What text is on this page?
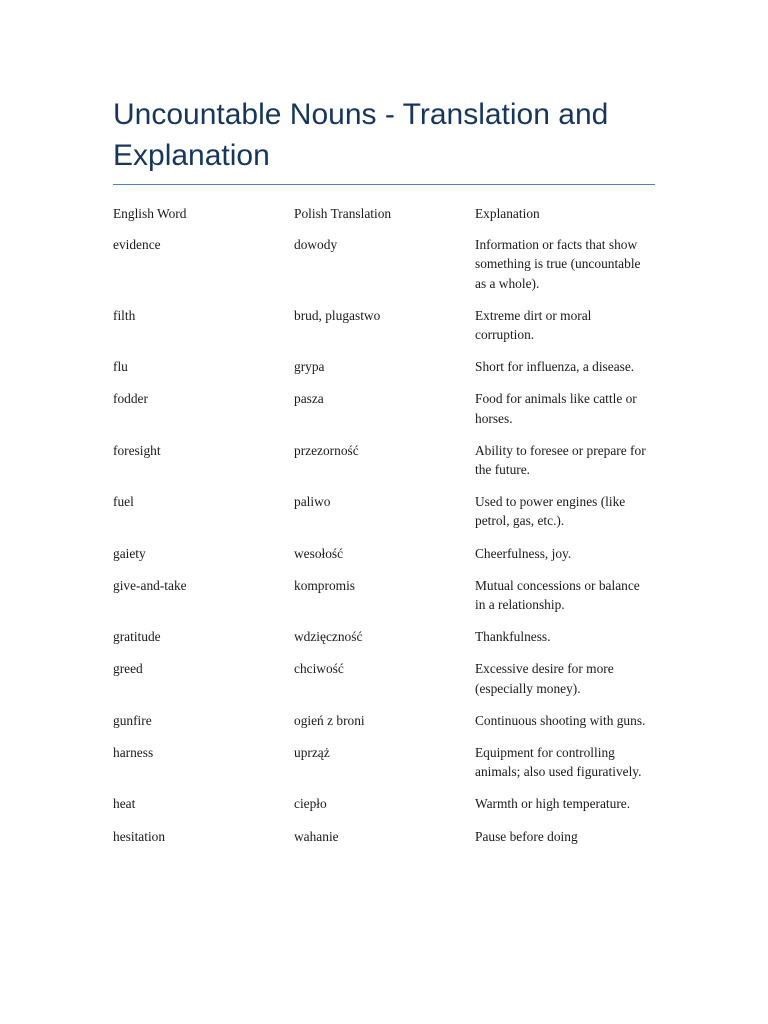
Uncountable Nouns - Translation and Explanation
English Word	Polish Translation	Explanation
evidence	dowody	Information or facts that show something is true (uncountable as a whole).
filth	brud, plugastwo	Extreme dirt or moral corruption.
flu	grypa	Short for influenza, a disease.
fodder	pasza	Food for animals like cattle or horses.
foresight	przezorność	Ability to foresee or prepare for the future.
fuel	paliwo	Used to power engines (like petrol, gas, etc.).
gaiety	wesołość	Cheerfulness, joy.
give-and-take	kompromis	Mutual concessions or balance in a relationship.
gratitude	wdzięczność	Thankfulness.
greed	chciwość	Excessive desire for more (especially money).
gunfire	ogień z broni	Continuous shooting with guns.
harness	uprząż	Equipment for controlling animals; also used figuratively.
heat	ciepło	Warmth or high temperature.
hesitation	wahanie	Pause before doing
